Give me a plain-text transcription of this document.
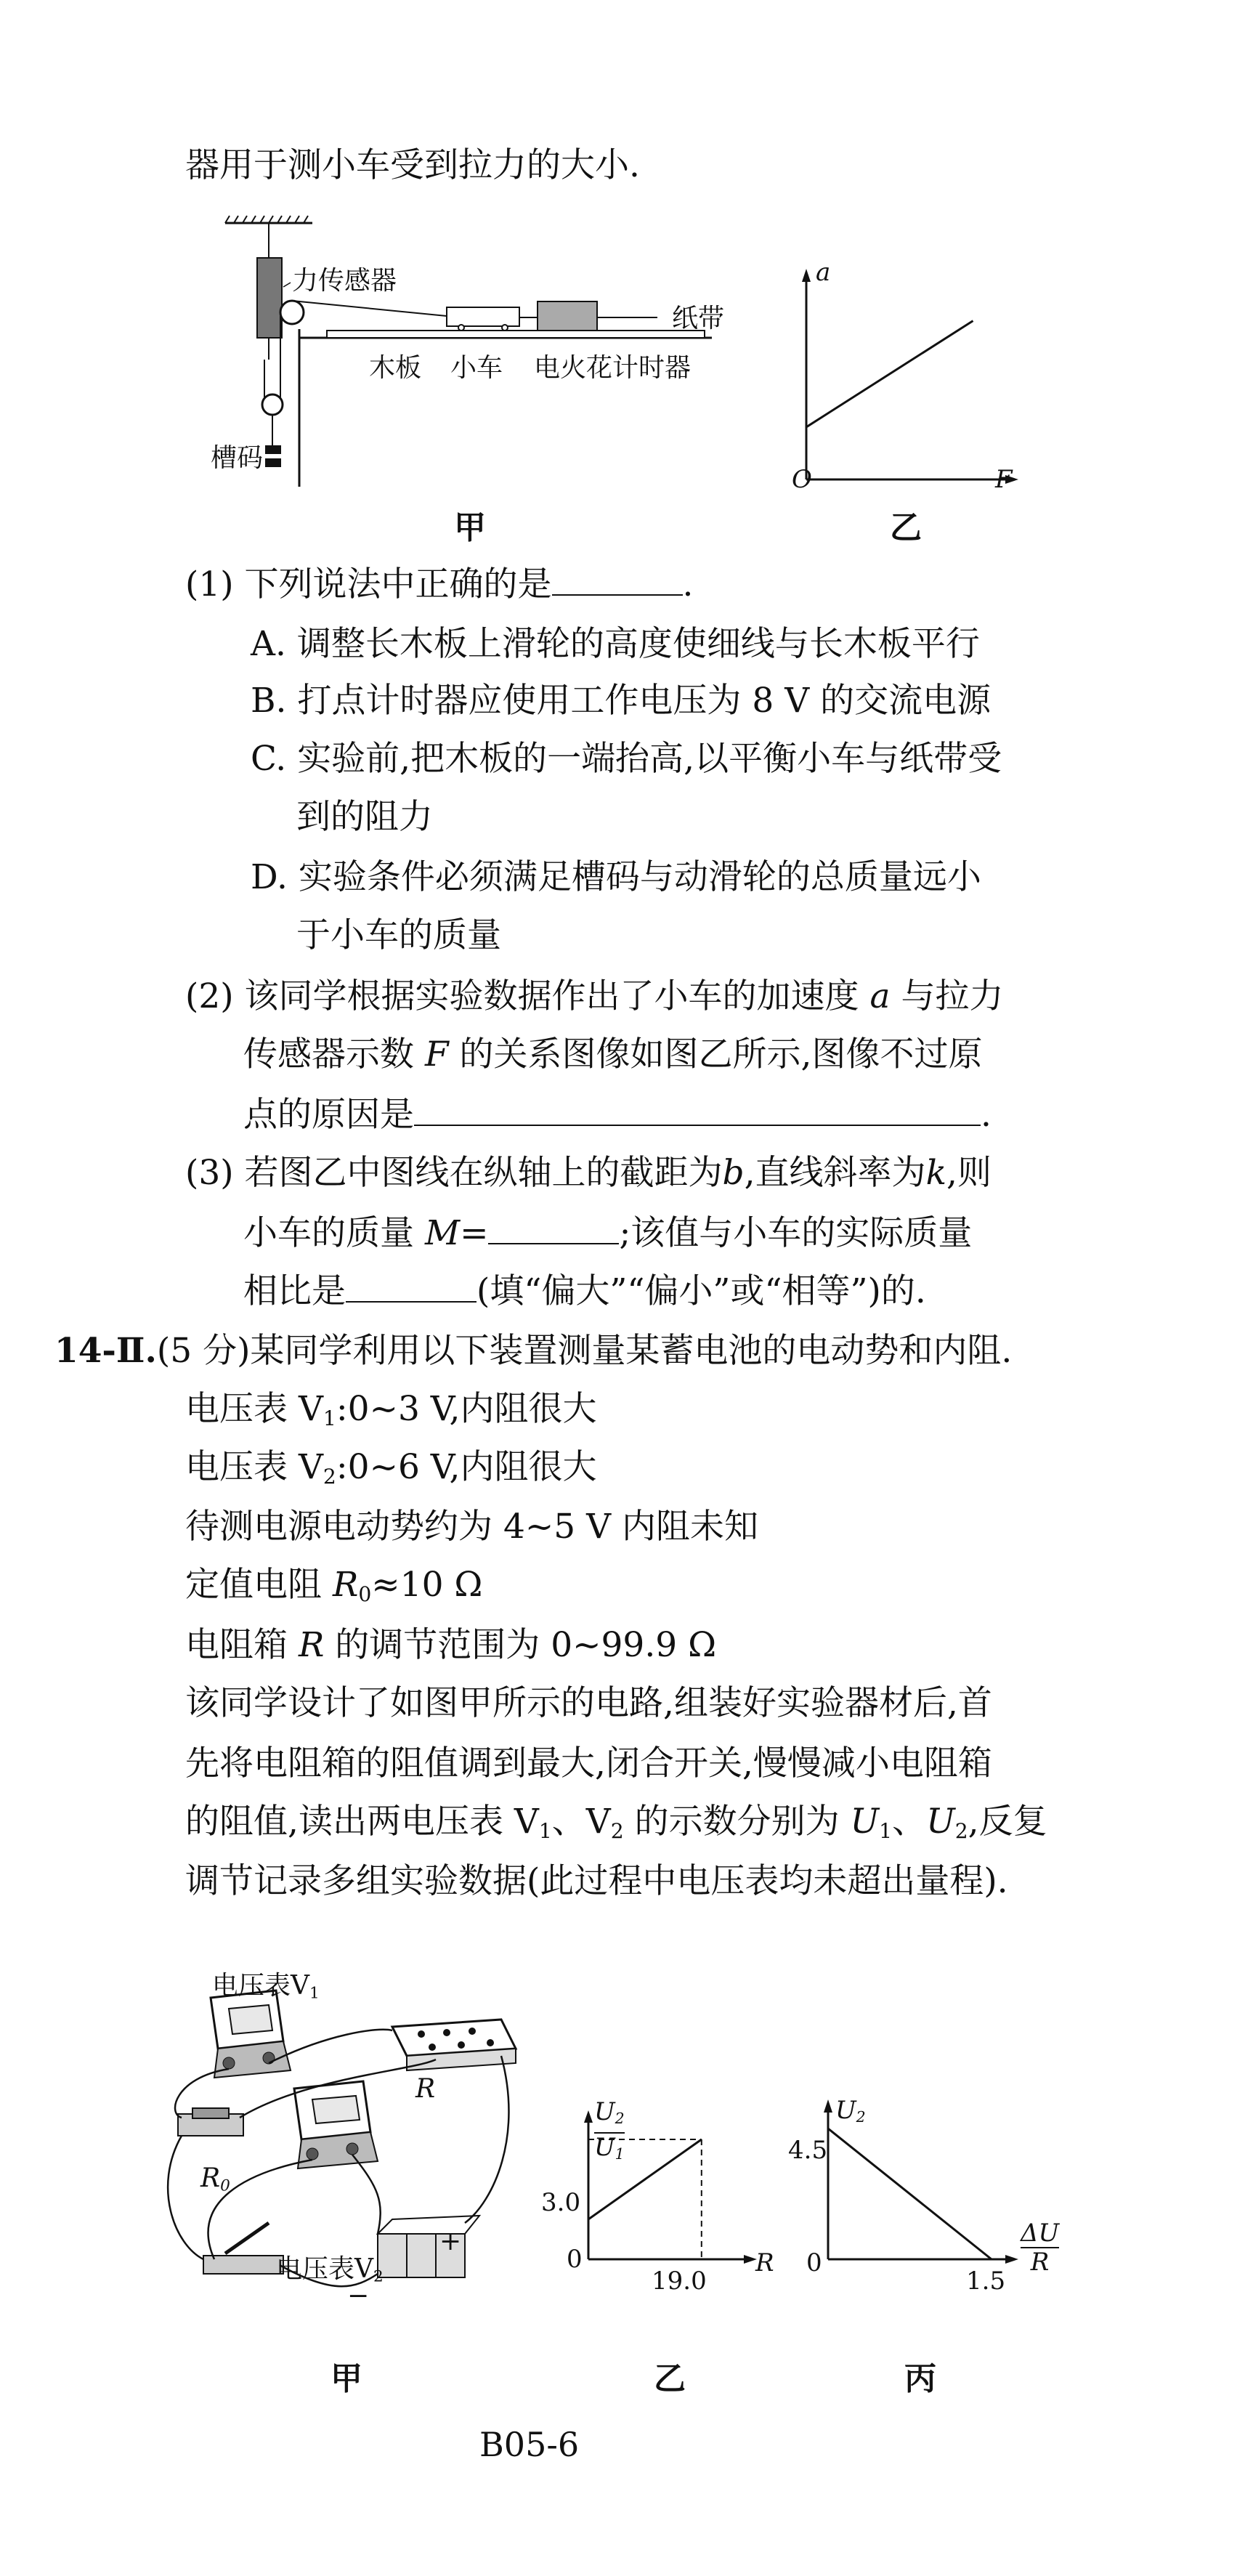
器用于测小车受到拉力的大小.
力传感器
纸带
木板 小车 电火花计时器
槽码
甲
a
F
O
乙
(1) 下列说法中正确的是	.
A. 调整长木板上滑轮的高度使细线与长木板平行
B. 打点计时器应使用工作电压为 8 V 的交流电源
C. 实验前,把木板的一端抬高,以平衡小车与纸带受
到的阻力
D. 实验条件必须满足槽码与动滑轮的总质量远小
于小车的质量
(2) 该同学根据实验数据作出了小车的加速度 a 与拉力
传感器示数 F 的关系图像如图乙所示,图像不过原
点的原因是	.
(3) 若图乙中图线在纵轴上的截距为b,直线斜率为k,则
小车的质量 M=	;该值与小车的实际质量
相比是	(填“偏大”“偏小”或“相等”)的.
14-Ⅱ.(5 分)某同学利用以下装置测量某蓄电池的电动势和内阻.
电压表 $V_1:0\sim 3$ V,内阻很大
电压表 $V_2:0\sim 6$ V,内阻很大
待测电源电动势约为 4~5 V 内阻未知
定值电阻 $R_0\approx 10$ Ω
电阻箱 R 的调节范围为 0~99.9 Ω
该同学设计了如图甲所示的电路,组装好实验器材后,首
先将电阻箱的阻值调到最大,闭合开关,慢慢减小电阻箱
的阻值,读出两电压表 $V_1$、$V_2$ 的示数分别为 $U_1$、$U_2$,反复
调节记录多组实验数据(此过程中电压表均未超出量程).
电压表$V_1$
R
$R_0$
电压表$V_2$
+
−
甲
$U_2$
$U_1$
3.0
0
19.0
R
乙
$U_2$
4.5
0
1.5
ΔU
R
丙
B05-6
